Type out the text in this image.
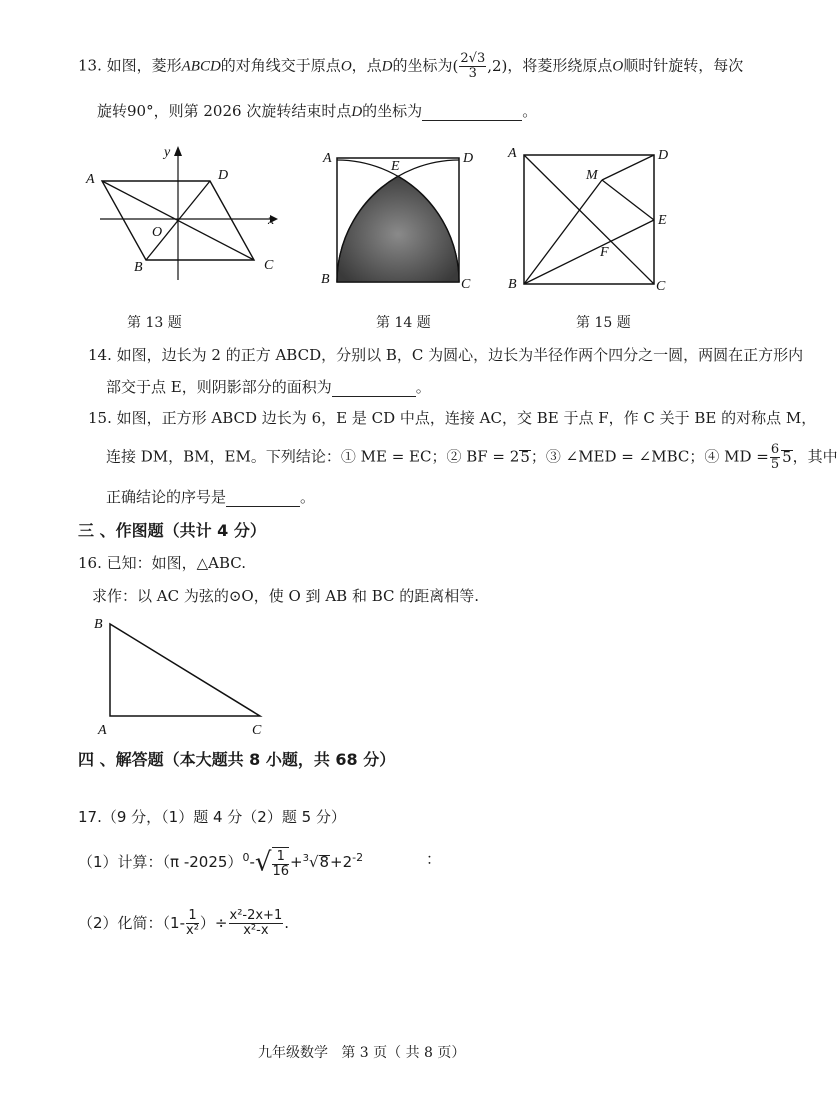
13. 如图，菱形ABCD的对角线交于原点O，点D的坐标为( $\frac{2√3}{3} ,2$)，将菱形绕原点O顺时针旋转，每次
旋转90°，则第 2026 次旋转结束时点D的坐标为	。
A	D
B	C
O
x
y	A	D
E
B	C
A	D
M
E
F
B	C
第 13 题	第 14 题	第 15 题
14. 如图，边长为 2 的正方 ABCD，分别以 B，C 为圆心，边长为半径作两个四分之一圆，两圆在正方形内
部交于点 E，则阴影部分的面积为	。
15. 如图，正方形 ABCD 边长为 6，E 是 CD 中点，连接 AC，交 BE 于点 F，作 C 关于 BE 的对称点 M，
连接 DM，BM，EM。下列结论：① ME = EC；② BF = 25；③ ∠MED = ∠MBC；④ MD = $\frac{6}{5} 5$，其中
正确结论的序号是	。
三 、作图题（共计 4 分）
16. 已知：如图，△ABC.
求作：以 AC 为弦的⊙O，使 O 到 AB 和 BC 的距离相等.
B
A	C
四 、解答题（本大题共 8 小题，共 68 分）
17.（9 分，（1）题 4 分（2）题 5 分）
（1）计算：（π $-2025)^0-√ \frac{1}{16} +^3√8+2^{-2}$	：
（2）化简：（$1- \frac{1}{\text{x²}}$ ）÷ $\frac{\text{x²-2x+1}}{\text{x²-x}}$ .
九年级数学   第 3 页（ 共 8 页）
